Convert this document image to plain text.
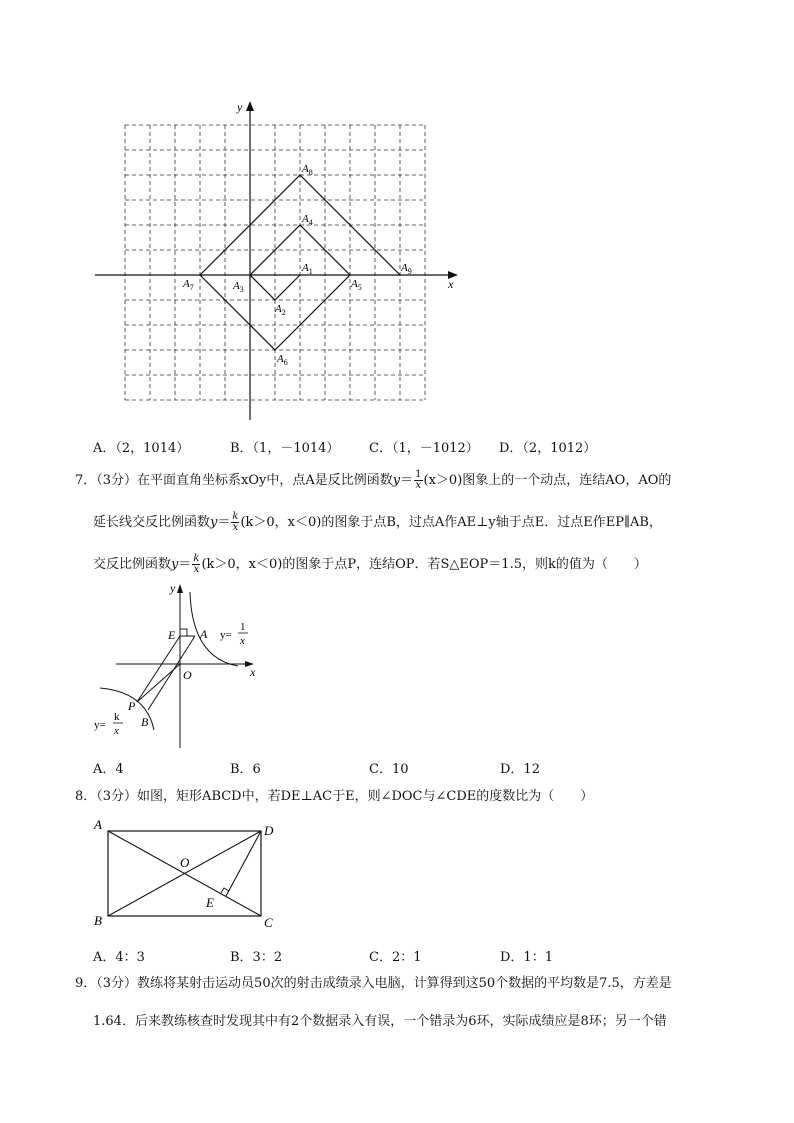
y
x
$A_8$
$A_4$
$A_1$	$A_9$
$A_7$	$A_3$	$A_5$
$A_2$
$A_6$
A．（2，1014）	B．（1，－1014） C．（1，－1012） D．（2，1012）
7．（3分）在平面直角坐标系xOy中，点A是反比例函数$y= \frac{1}{x} (x>0)$图象上的一个动点，连结AO，AO的
延长线交反比例函数$y= \frac{k}{x} (k>0$，x＜0)的图象于点B，过点A作AE⊥y轴于点E．过点E作EP∥AB，
交反比例函数$y= \frac{k}{x} (k>0$，x＜0)的图象于点P，连结OP．若S△EOP＝1.5，则k的值为（　　）
y
x
E A
O
P
B
y=
1
x
y=
k
x
A．4	B．6	C．10	D．12
8．（3分）如图，矩形ABCD中，若DE⊥AC于E，则∠DOC与∠CDE的度数比为（　　）
A
B	C
D
O
E
A．4：3	B．3：2	C．2：1	D．1：1
9．（3分）教练将某射击运动员50次的射击成绩录入电脑，计算得到这50个数据的平均数是7.5，方差是
1.64．后来教练核查时发现其中有2个数据录入有误，一个错录为6环，实际成绩应是8环；另一个错
